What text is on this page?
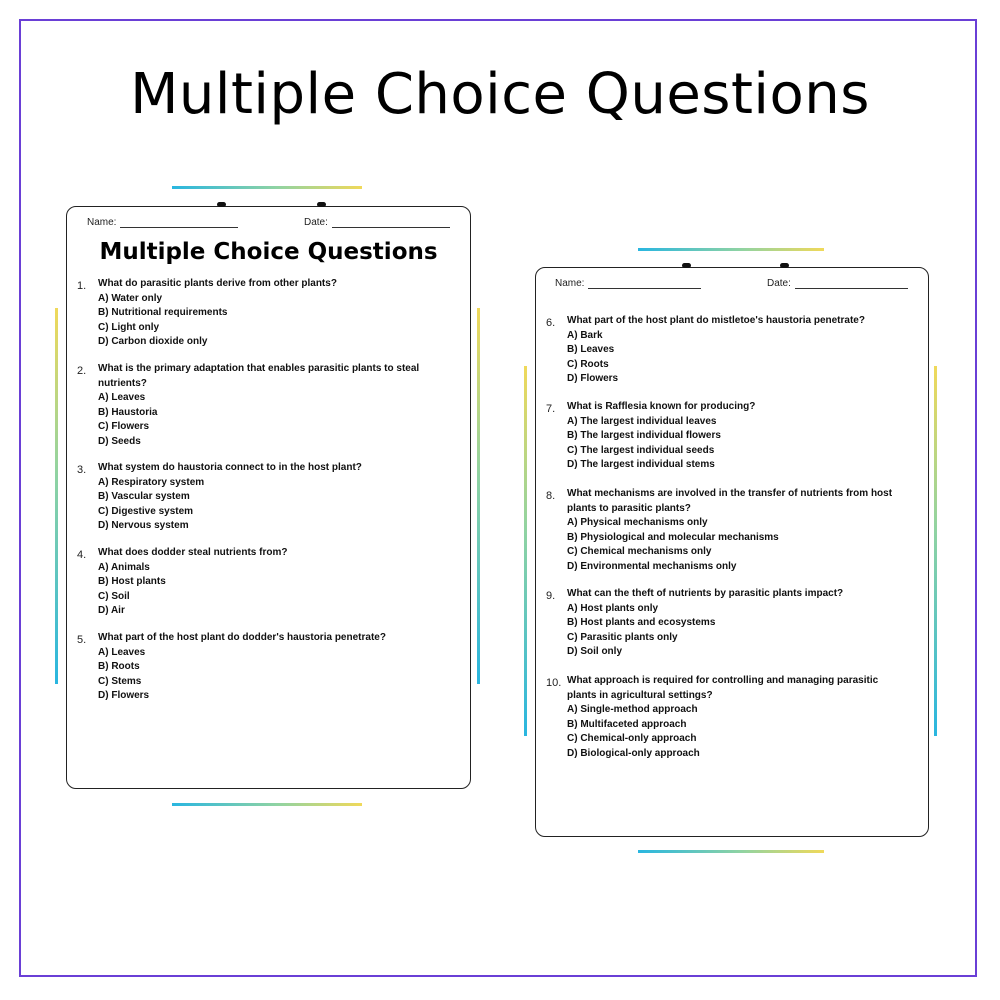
Multiple Choice Questions
Name:	Date:
Multiple Choice Questions
1. What do parasitic plants derive from other plants?
A) Water only
B) Nutritional requirements
C) Light only
D) Carbon dioxide only
2. What is the primary adaptation that enables parasitic plants to steal nutrients?
A) Leaves
B) Haustoria
C) Flowers
D) Seeds
3. What system do haustoria connect to in the host plant?
A) Respiratory system
B) Vascular system
C) Digestive system
D) Nervous system
4. What does dodder steal nutrients from?
A) Animals
B) Host plants
C) Soil
D) Air
5. What part of the host plant do dodder's haustoria penetrate?
A) Leaves
B) Roots
C) Stems
D) Flowers
Name:	Date:
6. What part of the host plant do mistletoe's haustoria penetrate?
A) Bark
B) Leaves
C) Roots
D) Flowers
7. What is Rafflesia known for producing?
A) The largest individual leaves
B) The largest individual flowers
C) The largest individual seeds
D) The largest individual stems
8. What mechanisms are involved in the transfer of nutrients from host plants to parasitic plants?
A) Physical mechanisms only
B) Physiological and molecular mechanisms
C) Chemical mechanisms only
D) Environmental mechanisms only
9. What can the theft of nutrients by parasitic plants impact?
A) Host plants only
B) Host plants and ecosystems
C) Parasitic plants only
D) Soil only
10. What approach is required for controlling and managing parasitic plants in agricultural settings?
A) Single-method approach
B) Multifaceted approach
C) Chemical-only approach
D) Biological-only approach
